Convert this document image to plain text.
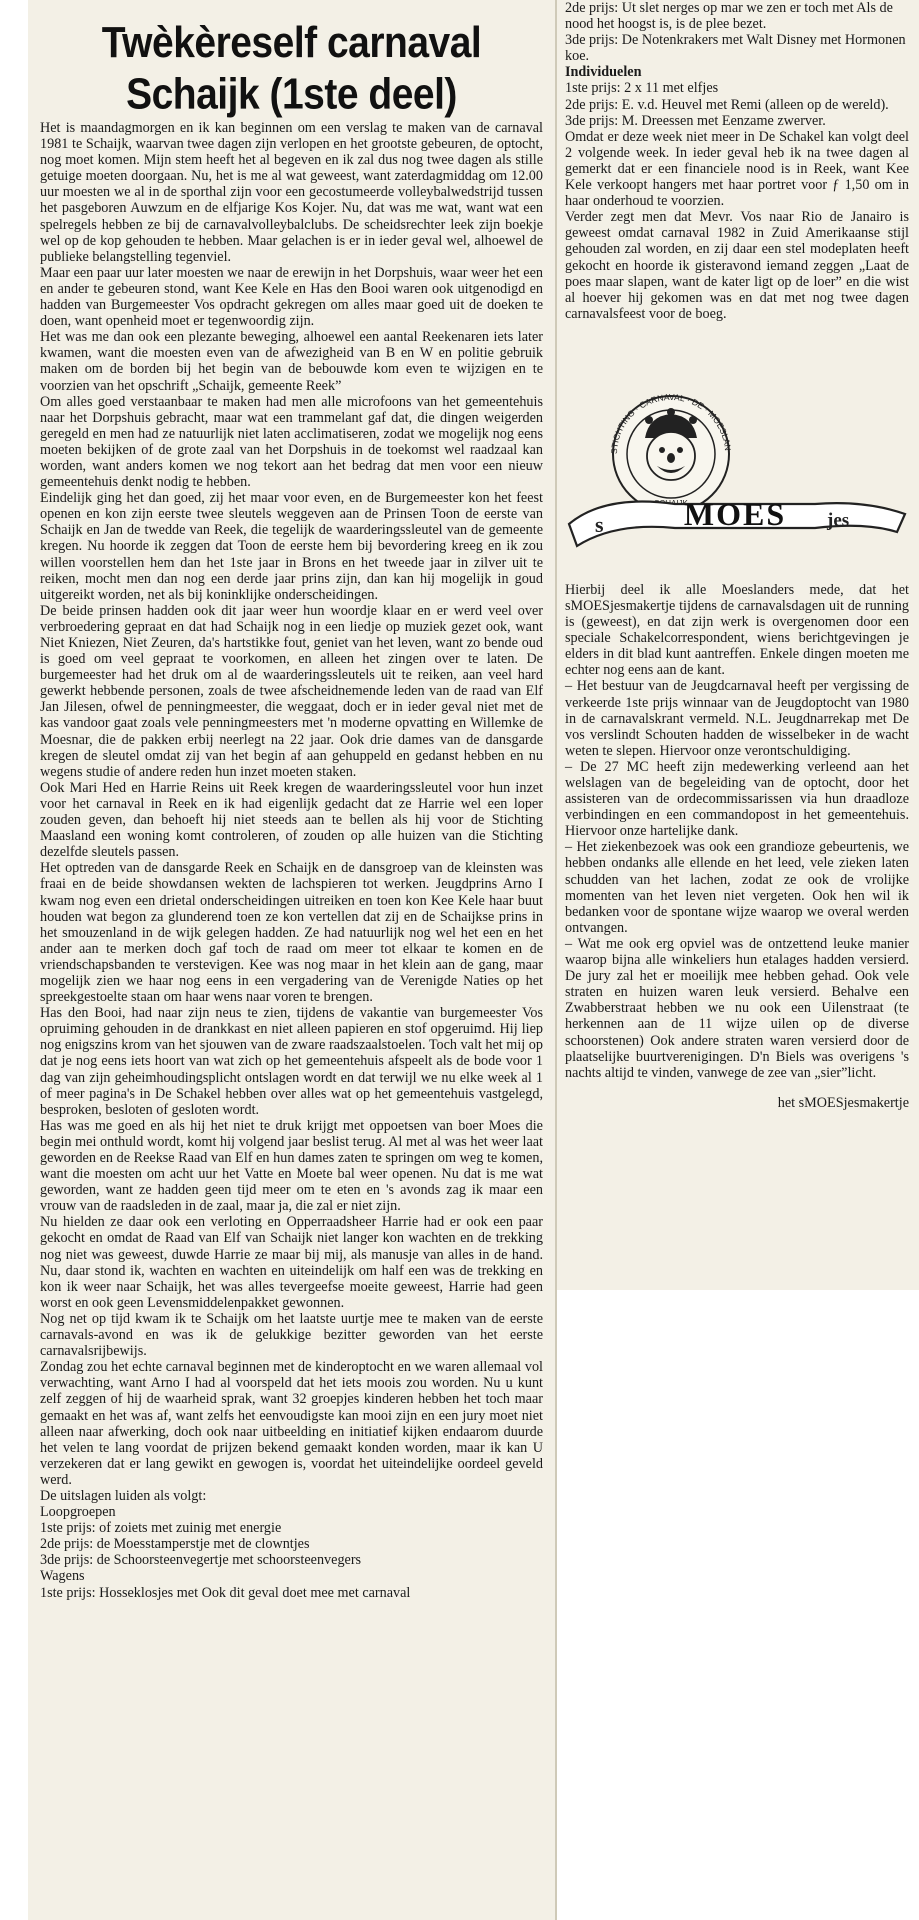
Twèkèreself carnaval
Schaijk (1ste deel)

Het is maandagmorgen en ik kan beginnen om een verslag te maken van de carnaval 1981 te Schaijk, waarvan twee dagen zijn verlopen en het grootste gebeuren, de optocht, nog moet komen. Mijn stem heeft het al begeven en ik zal dus nog twee dagen als stille getuige moeten doorgaan. Nu, het is me al wat geweest, want zaterdagmiddag om 12.00 uur moesten we al in de sporthal zijn voor een gecostumeerde volleybalwedstrijd tussen het pasgeboren Auwzum en de elfjarige Kos Kojer. Nu, dat was me wat, want wat een spelregels hebben ze bij de carnavalvolleybalclubs. De scheidsrechter leek zijn boekje wel op de kop gehouden te hebben. Maar gelachen is er in ieder geval wel, alhoewel de publieke belangstelling tegenviel.

Maar een paar uur later moesten we naar de erewijn in het Dorpshuis, waar weer het een en ander te gebeuren stond, want Kee Kele en Has den Booi waren ook uitgenodigd en hadden van Burgemeester Vos opdracht gekregen om alles maar goed uit de doeken te doen, want openheid moet er tegenwoordig zijn.

Het was me dan ook een plezante beweging, alhoewel een aantal Reekenaren iets later kwamen, want die moesten even van de afwezigheid van B en W en politie gebruik maken om de borden bij het begin van de bebouwde kom even te wijzigen en te voorzien van het opschrift „Schaijk, gemeente Reek”

Om alles goed verstaanbaar te maken had men alle microfoons van het gemeentehuis naar het Dorpshuis gebracht, maar wat een trammelant gaf dat, die dingen weigerden geregeld en men had ze natuurlijk niet laten acclimatiseren, zodat we mogelijk nog eens moeten bekijken of de grote zaal van het Dorpshuis in de toekomst wel raadzaal kan worden, want anders komen we nog tekort aan het bedrag dat men voor een nieuw gemeentehuis denkt nodig te hebben.

Eindelijk ging het dan goed, zij het maar voor even, en de Burgemeester kon het feest openen en kon zijn eerste twee sleutels weggeven aan de Prinsen Toon de eerste van Schaijk en Jan de twedde van Reek, die tegelijk de waarderingssleutel van de gemeente kregen. Nu hoorde ik zeggen dat Toon de eerste hem bij bevordering kreeg en ik zou willen voorstellen hem dan het 1ste jaar in Brons en het tweede jaar in zilver uit te reiken, mocht men dan nog een derde jaar prins zijn, dan kan hij mogelijk in goud uitgereikt worden, net als bij koninklijke onderscheidingen.

De beide prinsen hadden ook dit jaar weer hun woordje klaar en er werd veel over verbroedering gepraat en dat had Schaijk nog in een liedje op muziek gezet ook, want Niet Kniezen, Niet Zeuren, da's hartstikke fout, geniet van het leven, want zo bende oud is goed om veel gepraat te voorkomen, en alleen het zingen over te laten. De burgemeester had het druk om al de waarderingssleutels uit te reiken, aan veel hard gewerkt hebbende personen, zoals de twee afscheidnemende leden van de raad van Elf Jan Jilesen, ofwel de penningmeester, die weggaat, doch er in ieder geval niet met de kas vandoor gaat zoals vele penningmeesters met 'n moderne opvatting en Willemke de Moesnar, die de pakken erbij neerlegt na 22 jaar. Ook drie dames van de dansgarde kregen de sleutel omdat zij van het begin af aan gehuppeld en gedanst hebben en nu wegens studie of andere reden hun inzet moeten staken.

Ook Mari Hed en Harrie Reins uit Reek kregen de waarderingssleutel voor hun inzet voor het carnaval in Reek en ik had eigenlijk gedacht dat ze Harrie wel een loper zouden geven, dan behoeft hij niet steeds aan te bellen als hij voor de Stichting Maasland een woning komt controleren, of zouden op alle huizen van die Stichting dezelfde sleutels passen.

Het optreden van de dansgarde Reek en Schaijk en de dansgroep van de kleinsten was fraai en de beide showdansen wekten de lachspieren tot werken. Jeugdprins Arno I kwam nog even een drietal onderscheidingen uitreiken en toen kon Kee Kele haar buut houden wat begon za glunderend toen ze kon vertellen dat zij en de Schaijkse prins in het smouzenland in de wijk gelegen hadden. Ze had natuurlijk nog wel het een en het ander aan te merken doch gaf toch de raad om meer tot elkaar te komen en de vriendschapsbanden te verstevigen. Kee was nog maar in het klein aan de gang, maar mogelijk zien we haar nog eens in een vergadering van de Verenigde Naties op het spreekgestoelte staan om haar wens naar voren te brengen.

Has den Booi, had naar zijn neus te zien, tijdens de vakantie van burgemeester Vos opruiming gehouden in de drankkast en niet alleen papieren en stof opgeruimd. Hij liep nog enigszins krom van het sjouwen van de zware raadszaalstoelen. Toch valt het mij op dat je nog eens iets hoort van wat zich op het gemeentehuis afspeelt als de bode voor 1 dag van zijn geheimhoudingsplicht ontslagen wordt en dat terwijl we nu elke week al 1 of meer pagina's in De Schakel hebben over alles wat op het gemeentehuis vastgelegd, besproken, besloten of gesloten wordt.

Has was me goed en als hij het niet te druk krijgt met oppoetsen van boer Moes die begin mei onthuld wordt, komt hij volgend jaar beslist terug. Al met al was het weer laat geworden en de Reekse Raad van Elf en hun dames zaten te springen om weg te komen, want die moesten om acht uur het Vatte en Moete bal weer openen. Nu dat is me wat geworden, want ze hadden geen tijd meer om te eten en 's avonds zag ik maar een vrouw van de raadsleden in de zaal, maar ja, die zal er niet zijn.

Nu hielden ze daar ook een verloting en Opperraadsheer Harrie had er ook een paar gekocht en omdat de Raad van Elf van Schaijk niet langer kon wachten en de trekking nog niet was geweest, duwde Harrie ze maar bij mij, als manusje van alles in de hand. Nu, daar stond ik, wachten en wachten en uiteindelijk om half een was de trekking en kon ik weer naar Schaijk, het was alles tevergeefse moeite geweest, Harrie had geen worst en ook geen Levensmiddelenpakket gewonnen.

Nog net op tijd kwam ik te Schaijk om het laatste uurtje mee te maken van de eerste carnavals-avond en was ik de gelukkige bezitter geworden van het eerste carnavalsrijbewijs.

Zondag zou het echte carnaval beginnen met de kinderoptocht en we waren allemaal vol verwachting, want Arno I had al voorspeld dat het iets moois zou worden. Nu u kunt zelf zeggen of hij de waarheid sprak, want 32 groepjes kinderen hebben het toch maar gemaakt en het was af, want zelfs het eenvoudigste kan mooi zijn en een jury moet niet alleen naar afwerking, doch ook naar uitbeelding en initiatief kijken endaarom duurde het velen te lang voordat de prijzen bekend gemaakt konden worden, maar ik kan U verzekeren dat er lang gewikt en gewogen is, voordat het uiteindelijke oordeel geveld werd.

De uitslagen luiden als volgt:

Loopgroepen

1ste prijs: of zoiets met zuinig met energie

2de prijs: de Moesstamperstje met de clowntjes

3de prijs: de Schoorsteenvegertje met schoorsteenvegers

Wagens

1ste prijs: Hosseklosjes met Ook dit geval doet mee met carnaval

2de prijs: Ut slet nerges op mar we zen er toch met Als de nood het hoogst is, is de plee bezet.

3de prijs: De Notenkrakers met Walt Disney met Hormonen koe.

Individuelen

1ste prijs: 2 x 11 met elfjes

2de prijs: E. v.d. Heuvel met Remi (alleen op de wereld).

3de prijs: M. Dreessen met Eenzame zwerver.

Omdat er deze week niet meer in De Schakel kan volgt deel 2 volgende week. In ieder geval heb ik na twee dagen al gemerkt dat er een financiele nood is in Reek, want Kee Kele verkoopt hangers met haar portret voor ƒ 1,50 om in haar onderhoud te voorzien.

Verder zegt men dat Mevr. Vos naar Rio de Janairo is geweest omdat carnaval 1982 in Zuid Amerikaanse stijl gehouden zal worden, en zij daar een stel modeplaten heeft gekocht en hoorde ik gisteravond iemand zeggen „Laat de poes maar slapen, want de kater ligt op de loer” en die wist al hoever hij gekomen was en dat met nog twee dagen carnavalsfeest voor de boeg.

STICHTING · CARNAVAL · DE · MOESLAN
s	MOES jes

Hierbij deel ik alle Moeslanders mede, dat het sMOESjesmakertje tijdens de carnavalsdagen uit de running is (geweest), en dat zijn werk is overgenomen door een speciale Schakelcorrespondent, wiens berichtgevingen je elders in dit blad kunt aantreffen. Enkele dingen moeten me echter nog eens aan de kant.

– Het bestuur van de Jeugdcarnaval heeft per vergissing de verkeerde 1ste prijs winnaar van de Jeugdoptocht van 1980 in de carnavalskrant vermeld. N.L. Jeugdnarrekap met De vos verslindt Schouten hadden de wisselbeker in de wacht weten te slepen. Hiervoor onze verontschuldiging.

– De 27 MC heeft zijn medewerking verleend aan het welslagen van de begeleiding van de optocht, door het assisteren van de ordecommissarissen via hun draadloze verbindingen en een commandopost in het gemeentehuis. Hiervoor onze hartelijke dank.

– Het ziekenbezoek was ook een grandioze gebeurtenis, we hebben ondanks alle ellende en het leed, vele zieken laten schudden van het lachen, zodat ze ook de vrolijke momenten van het leven niet vergeten. Ook hen wil ik bedanken voor de spontane wijze waarop we overal werden ontvangen.

– Wat me ook erg opviel was de ontzettend leuke manier waarop bijna alle winkeliers hun etalages hadden versierd. De jury zal het er moeilijk mee hebben gehad. Ook vele straten en huizen waren leuk versierd. Behalve een Zwabberstraat hebben we nu ook een Uilenstraat (te herkennen aan de 11 wijze uilen op de diverse schoorstenen) Ook andere straten waren versierd door de plaatselijke buurtverenigingen. D'n Biels was overigens 's nachts altijd te vinden, vanwege de zee van „sier”licht.

het sMOESjesmakertje
